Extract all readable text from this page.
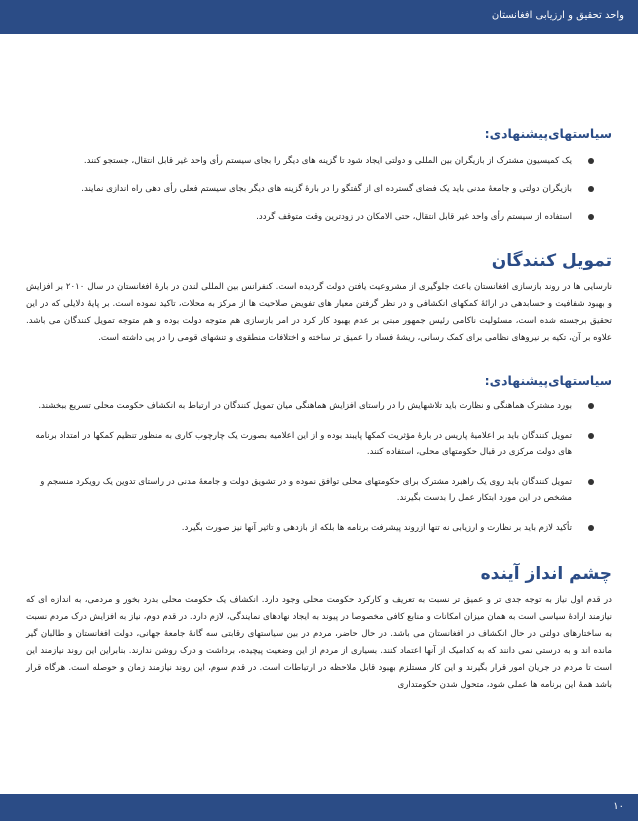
واحد تحقیق و ارزیابی افغانستان
سیاستهای‌پیشنهادی:
یک کمیسیون مشترک از بازیگران بین المللی و دولتی ایجاد شود تا گزینه های دیگر را بجای سیستم رأی واحد غیر قابل انتقال، جستجو کنند.
بازیگران دولتی و جامعهٔ مدنی باید یک فضای گسترده ای از گفتگو را در بارهٔ گزینه های دیگر بجای سیستم فعلی رأی دهی راه اندازی نمایند.
استفاده از سیستم رأی واحد غیر قابل انتقال، حتی الامکان در زودترین وقت متوقف گردد.
تمویل کنندگان

نارسایی ها در روند بازسازی افغانستان باعث جلوگیری از مشروعیت یافتن دولت گردیده است. کنفرانس بین المللی لندن در بارهٔ افغانستان در سال ۲۰۱۰ بر افزایش و بهبود شفافیت و حسابدهی در ارائهٔ کمکهای انکشافی و در نظر گرفتن معیار های تفویض صلاحیت ها از مرکز به محلات، تاکید نموده است. بر پایهٔ دلایلی که در این تحقیق برجسته شده است، مسئولیت ناکامی رئیس جمهور مبنی بر عدم بهبود کار کرد در امر بازسازی هم متوجه دولت بوده و هم متوجه تمویل کنندگان می باشد. علاوه بر آن، تکیه بر نیروهای نظامی برای کمک رسانی، ریشهٔ فساد را عمیق تر ساخته و اختلافات منطقوی و تنشهای قومی را در پی داشته است.

سیاستهای‌پیشنهادی:
بورد مشترک هماهنگی و نظارت باید تلاشهایش را در راستای افزایش هماهنگی میان تمویل کنندگان در ارتباط به انکشاف حکومت محلی تسریع ببخشند.
تمویل کنندگان باید بر اعلامیهٔ پاریس در بارهٔ مؤثریت کمکها پایبند بوده و از این اعلامیه بصورت یک چارچوب کاری به منظور تنظیم کمکها در امتداد برنامه های دولت مرکزی در قبال حکومتهای محلی، استفاده کنند.
تمویل کنندگان باید روی یک راهبرد مشترک برای حکومتهای محلی توافق نموده و در تشویق دولت و جامعهٔ مدنی در راستای تدوین یک رویکرد منسجم و مشخص در این مورد ابتکار عمل را بدست بگیرند.
تأکید لازم باید بر نظارت و ارزیابی نه تنها ازروند پیشرفت برنامه ها بلکه از بازدهی و تاثیر آنها نیز صورت بگیرد.
چشم انداز آینده

در قدم اول نیاز به توجه جدی تر و عمیق تر نسبت به تعریف و کارکرد حکومت محلی وجود دارد. انکشاف یک حکومت محلی بدرد بخور و مردمی، به اندازه ای که نیازمند ارادهٔ سیاسی است به همان میزان امکانات و منابع کافی مخصوصا در پیوند به ایجاد نهادهای نمایندگی، لازم دارد. در قدم دوم، نیاز به افزایش درک مردم نسبت به ساختارهای دولتی در حال انکشاف در افغانستان می باشد. در حال حاضر، مردم در بین سیاستهای رقابتی سه گانهٔ جامعهٔ جهانی، دولت افغانستان و طالبان گیر مانده اند و به درستی نمی دانند که به کدامیک از آنها اعتماد کنند. بسیاری از مردم از این وضعیت پیچیده، برداشت و درک روشن ندارند. بنابراین این روند نیازمند این است تا مردم در جریان امور قرار بگیرند و این کار مستلزم بهبود قابل ملاحظه در ارتباطات است. در قدم سوم، این روند نیازمند زمان و حوصله است. هرگاه قرار باشد همهٔ این برنامه ها عملی شود، متحول شدن حکومتداری

۱۰
